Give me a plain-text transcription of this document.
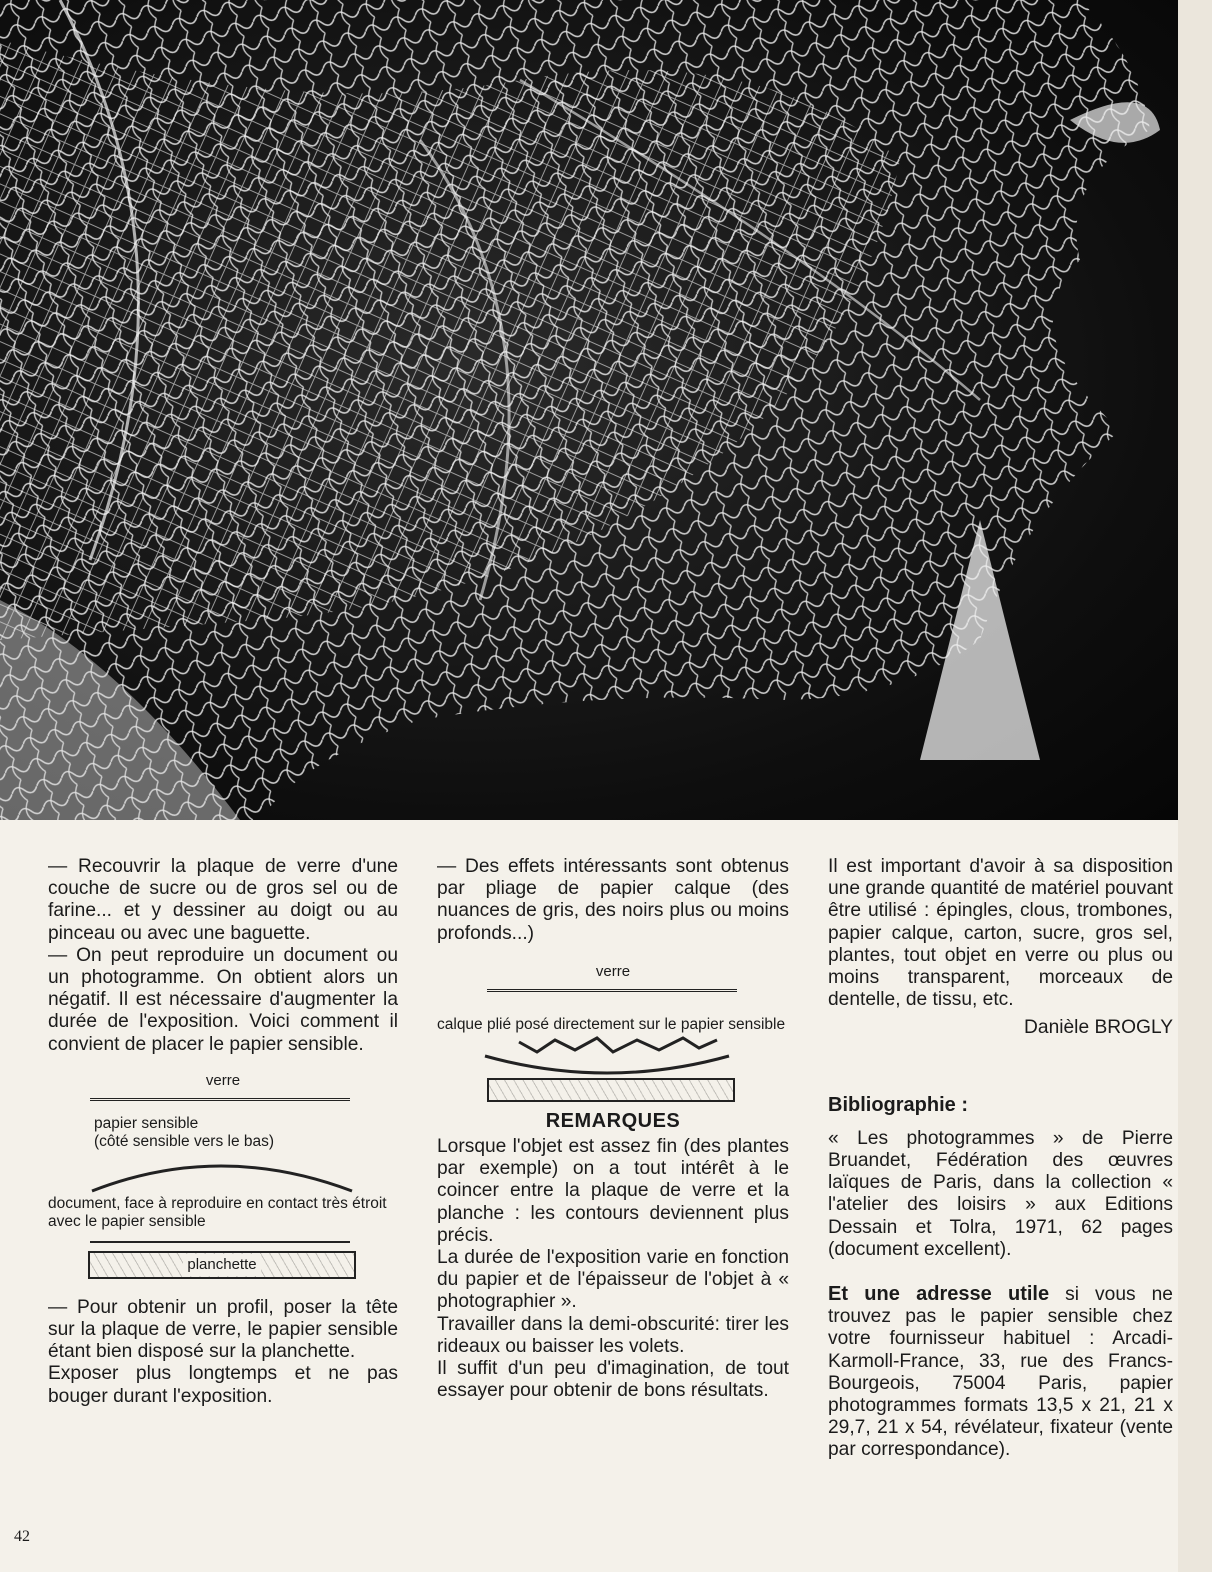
— Recouvrir la plaque de verre d'une couche de sucre ou de gros sel ou de farine... et y dessiner au doigt ou au pinceau ou avec une baguette.

— On peut reproduire un document ou un photogramme. On obtient alors un négatif. Il est nécessaire d'augmenter la durée de l'exposition. Voici comment il convient de placer le papier sensible.

verre
papier sensible
(côté sensible vers le bas)
document, face à reproduire en contact très étroit avec le papier sensible
planchette

— Pour obtenir un profil, poser la tête sur la plaque de verre, le papier sensible étant bien disposé sur la planchette.

Exposer plus longtemps et ne pas bouger durant l'exposition.

— Des effets intéressants sont obtenus par pliage de papier calque (des nuances de gris, des noirs plus ou moins profonds...)

verre
calque plié posé directement sur le papier sensible
REMARQUES

Lorsque l'objet est assez fin (des plantes par exemple) on a tout intérêt à le coincer entre la plaque de verre et la planche : les contours deviennent plus précis.

La durée de l'exposition varie en fonction du papier et de l'épaisseur de l'objet à « photographier ».

Travailler dans la demi-obscurité: tirer les rideaux ou baisser les volets.

Il suffit d'un peu d'imagination, de tout essayer pour obtenir de bons résultats.

Il est important d'avoir à sa disposition une grande quantité de matériel pouvant être utilisé : épingles, clous, trombones, papier calque, carton, sucre, gros sel, plantes, tout objet en verre ou plus ou moins transparent, morceaux de dentelle, de tissu, etc.

Danièle BROGLY

Bibliographie :

« Les photogrammes » de Pierre Bruandet, Fédération des œuvres laïques de Paris, dans la collection « l'atelier des loisirs » aux Editions Dessain et Tolra, 1971, 62 pages (document excellent).

Et une adresse utile si vous ne trouvez pas le papier sensible chez votre fournisseur habituel : Arcadi-Karmoll-France, 33, rue des Francs-Bourgeois, 75004 Paris, papier photogrammes formats 13,5 x 21, 21 x 29,7, 21 x 54, révélateur, fixateur (vente par correspondance).

42
